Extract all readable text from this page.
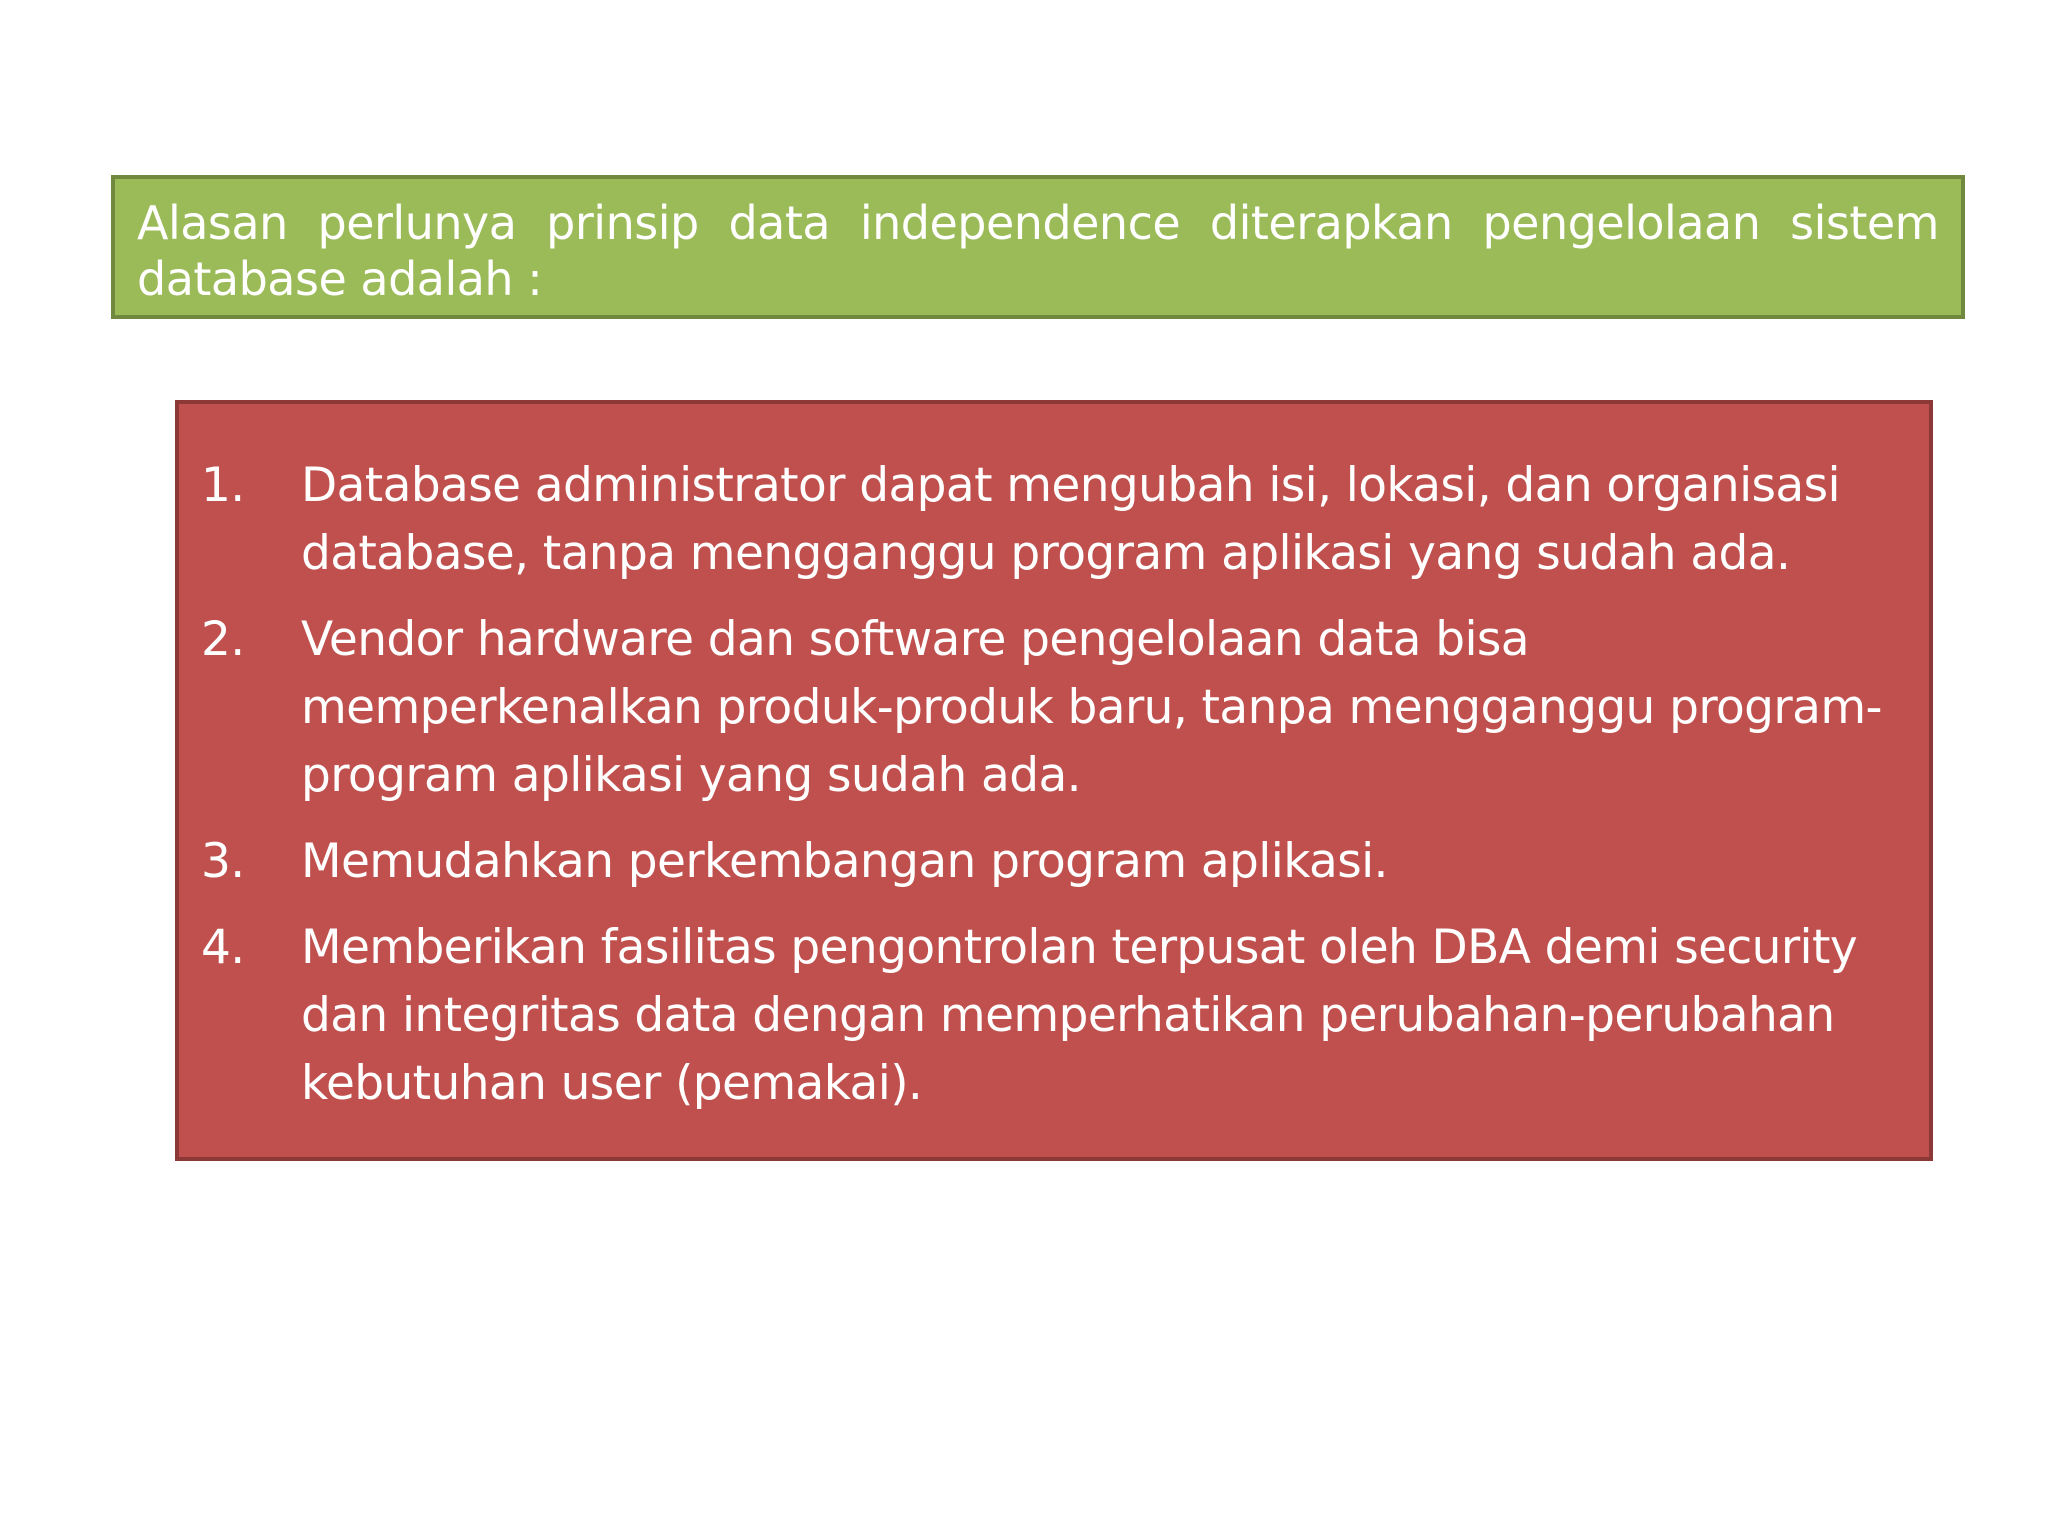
Alasan perlunya prinsip data independence diterapkan pengelolaan sistem database adalah :
1.	Database administrator dapat mengubah isi, lokasi, dan organisasi database, tanpa mengganggu program aplikasi yang sudah ada.
2.	Vendor hardware dan software pengelolaan data bisa memperkenalkan produk-produk baru, tanpa mengganggu program-program aplikasi yang sudah ada.
3.	Memudahkan perkembangan program aplikasi.
4.	Memberikan fasilitas pengontrolan terpusat oleh DBA demi security dan integritas data dengan memperhatikan perubahan-perubahan kebutuhan user (pemakai).
